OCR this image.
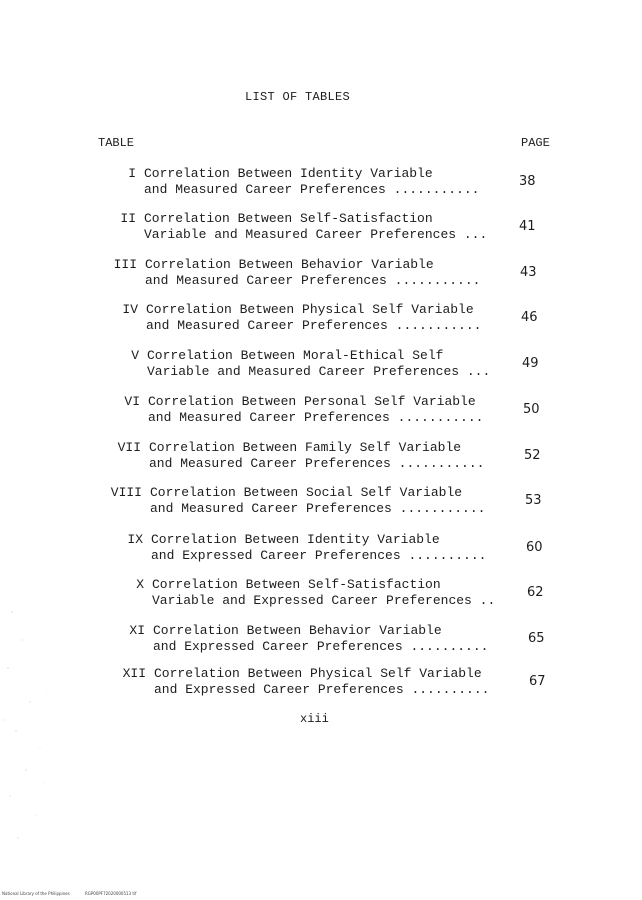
LIST OF TABLES
TABLE	PAGE
I Correlation Between Identity Variable
and Measured Career Preferences ...........
38
II Correlation Between Self-Satisfaction
Variable and Measured Career Preferences ...
41
III Correlation Between Behavior Variable
and Measured Career Preferences ...........
43
IV Correlation Between Physical Self Variable
and Measured Career Preferences ...........
46
V Correlation Between Moral-Ethical Self
Variable and Measured Career Preferences ...
49
VI Correlation Between Personal Self Variable
and Measured Career Preferences ...........
50
VII Correlation Between Family Self Variable
and Measured Career Preferences ...........
52
VIII Correlation Between Social Self Variable
and Measured Career Preferences ...........
53
IX Correlation Between Identity Variable
and Expressed Career Preferences ..........
60
X Correlation Between Self-Satisfaction
Variable and Expressed Career Preferences ..
62
XI Correlation Between Behavior Variable
and Expressed Career Preferences ..........
65
XII Correlation Between Physical Self Variable
and Expressed Career Preferences ..........
67
xiii
National Library of the Philippines	RGP00PF72020000513 tif
